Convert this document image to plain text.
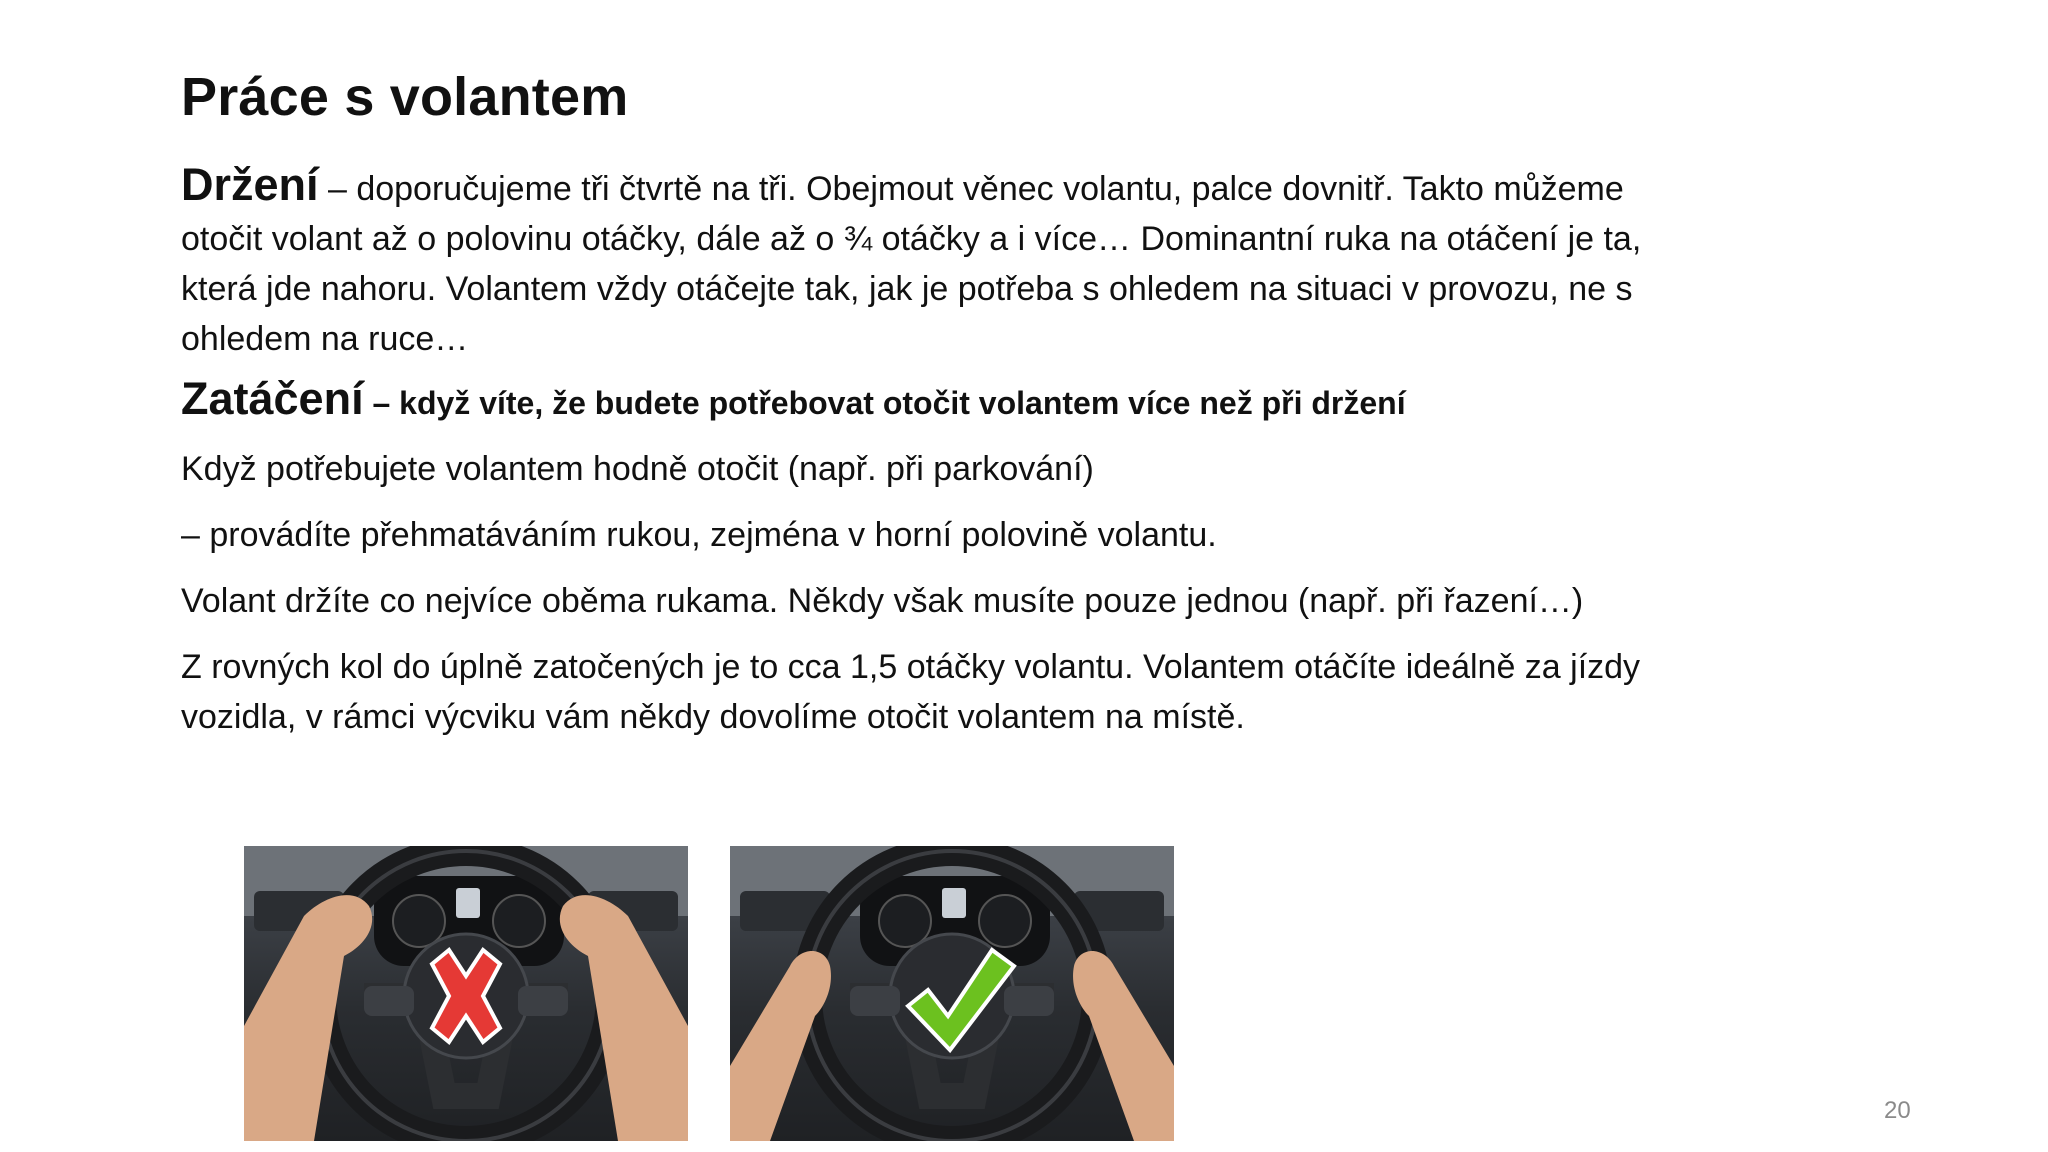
Práce s volantem

Držení – doporučujeme tři čtvrtě na tři. Obejmout věnec volantu, palce dovnitř. Takto můžeme otočit volant až o polovinu otáčky, dále až o ¾ otáčky a i více… Dominantní ruka na otáčení je ta, která jde nahoru. Volantem vždy otáčejte tak, jak je potřeba s ohledem na situaci v provozu, ne s ohledem na ruce…

Zatáčení – když víte, že budete potřebovat otočit volantem více než při držení

Když potřebujete volantem hodně otočit (např. při parkování)

– provádíte přehmatáváním rukou, zejména v horní polovině volantu.

Volant držíte co nejvíce oběma rukama. Někdy však musíte pouze jednou (např. při řazení…)

Z rovných kol do úplně zatočených je to cca 1,5 otáčky volantu. Volantem otáčíte ideálně za jízdy vozidla, v rámci výcviku vám někdy dovolíme otočit volantem na místě.

20
